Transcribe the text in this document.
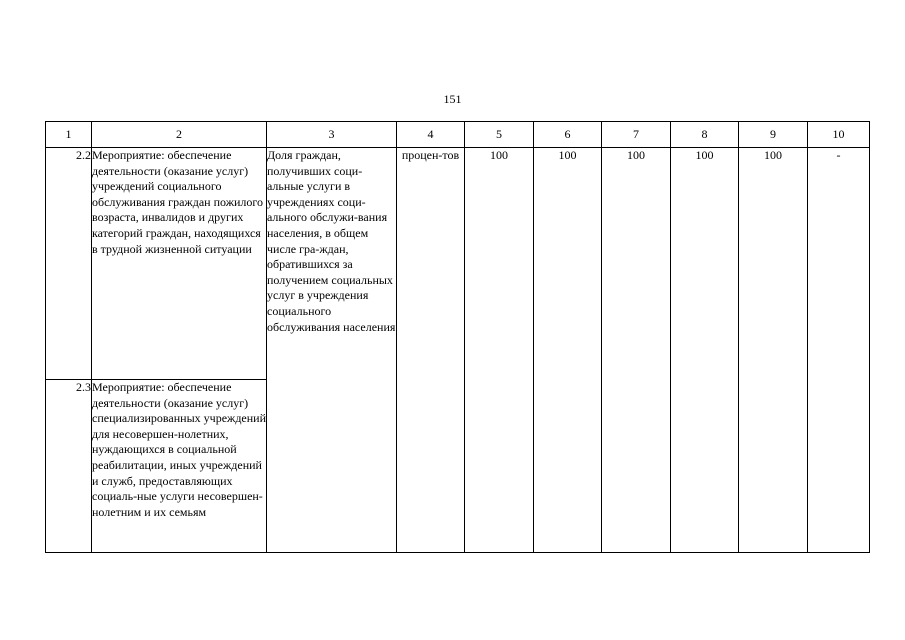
151
1	2	3	4	5	6	7	8	9	10
2.2	Мероприятие: обеспечение деятельности (оказание услуг) учреждений социального обслуживания граждан пожилого возраста, инвалидов и других категорий граждан, находящихся в трудной жизненной ситуации	Доля граждан, получивших соци-альные услуги в учреждениях соци-ального обслужи-вания населения, в общем числе гра-ждан, обратившихся за получением социальных услуг в учреждения социального обслуживания населения	процен-тов	100	100	100	100	100	-
2.3	Мероприятие: обеспечение деятельности (оказание услуг) специализированных учреждений для несовершен-нолетних, нуждающихся в социальной реабилитации, иных учреждений и служб, предоставляющих социаль-ные услуги несовершен-нолетним и их семьям								
